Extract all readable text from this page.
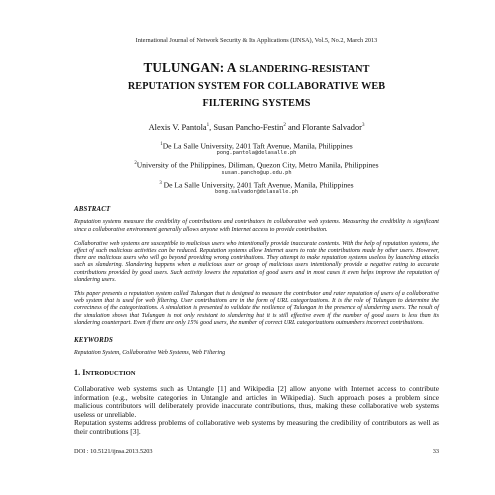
International Journal of Network Security & Its Applications (IJNSA), Vol.5, No.2, March 2013
TULUNGAN: A SLANDERING-RESISTANT
REPUTATION SYSTEM FOR COLLABORATIVE WEB
FILTERING SYSTEMS
Alexis V. Pantola$^1$, Susan Pancho-Festin$^2$ and Florante Salvador$^3$
$^1$De La Salle University, 2401 Taft Avenue, Manila, Philippines
pong.pantola@delasalle.ph
$^2$University of the Philippines, Diliman, Quezon City, Metro Manila, Philippines
susan.pancho@up.edu.ph
$^3$ De La Salle University, 2401 Taft Avenue, Manila, Philippines
bong.salvador@delasalle.ph
ABSTRACT

Reputation systems measure the credibility of contributions and contributors in collaborative web systems. Measuring the credibility is significant since a collaborative environment generally allows anyone with Internet access to provide contribution.

Collaborative web systems are susceptible to malicious users who intentionally provide inaccurate contents. With the help of reputation systems, the effect of such malicious activities can be reduced. Reputation systems allow Internet users to rate the contributions made by other users. However, there are malicious users who will go beyond providing wrong contributions. They attempt to make reputation systems useless by launching attacks such as slandering. Slandering happens when a malicious user or group of malicious users intentionally provide a negative rating to accurate contributions provided by good users. Such activity lowers the reputation of good users and in most cases it even helps improve the reputation of slandering users.

This paper presents a reputation system called Tulungan that is designed to measure the contributor and rater reputation of users of a collaborative web system that is used for web filtering. User contributions are in the form of URL categorizations. It is the role of Tulungan to determine the correctness of the categorizations. A simulation is presented to validate the resilience of Tulungan in the presence of slandering users. The result of the simulation shows that Tulungan is not only resistant to slandering but it is still effective even if the number of good users is less than its slandering counterpart. Even if there are only 15% good users, the number of correct URL categorizations outnumbers incorrect contributions.

KEYWORDS

Reputation System, Collaborative Web Systems, Web Filtering

1. INTRODUCTION

Collaborative web systems such as Untangle [1] and Wikipedia [2] allow anyone with Internet access to contribute information (e.g., website categories in Untangle and articles in Wikipedia). Such approach poses a problem since malicious contributors will deliberately provide inaccurate contributions, thus, making these collaborative web systems useless or unreliable.

Reputation systems address problems of collaborative web systems by measuring the credibility of contributors as well as their contributions [3].

DOI : 10.5121/ijnsa.2013.5203	33
